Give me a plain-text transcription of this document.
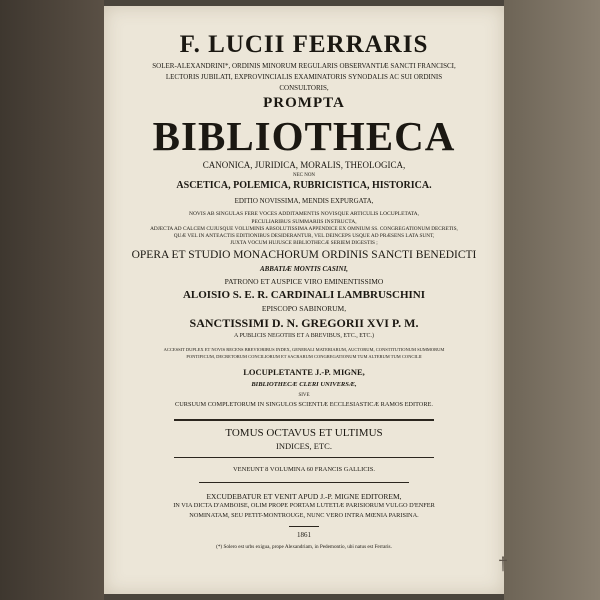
F. LUCII FERRARIS
SOLER-ALEXANDRINI*, ORDINIS MINORUM REGULARIS OBSERVANTIÆ SANCTI FRANCISCI,
LECTORIS JUBILATI, EXPROVINCIALIS EXAMINATORIS SYNODALIS AC SUI ORDINIS
CONSULTORIS,
PROMPTA
BIBLIOTHECA
CANONICA, JURIDICA, MORALIS, THEOLOGICA,
NEC NON
ASCETICA, POLEMICA, RUBRICISTICA, HISTORICA.
EDITIO NOVISSIMA, MENDIS EXPURGATA,
NOVIS AB SINGULAS FERE VOCES ADDITAMENTIS NOVISQUE ARTICULIS LOCUPLETATA,
PECULIARIBUS SUMMARIIS INSTRUCTA,
ADJECTA AD CALCEM CUJUSQUE VOLUMINIS ABSOLUTISSIMA APPENDICE EX OMNIUM SS. CONGREGATIONUM DECRETIS,
QUÆ VEL IN ANTEACTIS EDITIONIBUS DESIDERANTUR, VEL DEINCEPS USQUE AD PRÆSENS LATA SUNT,
JUXTA VOCUM HUJUSCE BIBLIOTHECÆ SERIEM DIGESTIS ;
OPERA ET STUDIO MONACHORUM ORDINIS SANCTI BENEDICTI
ABBATIÆ MONTIS CASINI,
PATRONO ET AUSPICE VIRO EMINENTISSIMO
ALOISIO S. E. R. CARDINALI LAMBRUSCHINI
EPISCOPO SABINORUM,
SANCTISSIMI D. N. GREGORII XVI P. M.
A PUBLICIS NEGOTIIS ET A BREVIBUS, ETC., ETC.)
ACCESSIT DUPLEX ET NOVIS RECENS BREVIORIBUS INDEX, GENERALI MATERIARUM, AUCTORUM, CONSTITUTIONUM SUMMORUM
PONTIFICUM, DECRETORUM CONCILIORUM ET SACRARUM CONGREGATIONUM TUM ALTERUM TUM CONCILII
LOCUPLETANTE J.-P. MIGNE,
BIBLIOTHECÆ CLERI UNIVERSÆ,
SIVE
CURSUUM COMPLETORUM IN SINGULOS SCIENTIÆ ECCLESIASTICÆ RAMOS EDITORE.
TOMUS OCTAVUS ET ULTIMUS
INDICES, ETC.
VENEUNT 8 VOLUMINA 60 FRANCIS GALLICIS.
EXCUDEBATUR ET VENIT APUD J.-P. MIGNE EDITOREM,
IN VIA DICTA D'AMBOISE, OLIM PROPE PORTAM LUTETIÆ PARISIORUM VULGO D'ENFER
NOMINATAM, SEU PETIT-MONTROUGE, NUNC VERO INTRA MŒNIA PARISINA.
1861
(*) Solero est urbs exigua, prope Alexandriam, in Pedemontio, ubi natus est Ferraris.
†
